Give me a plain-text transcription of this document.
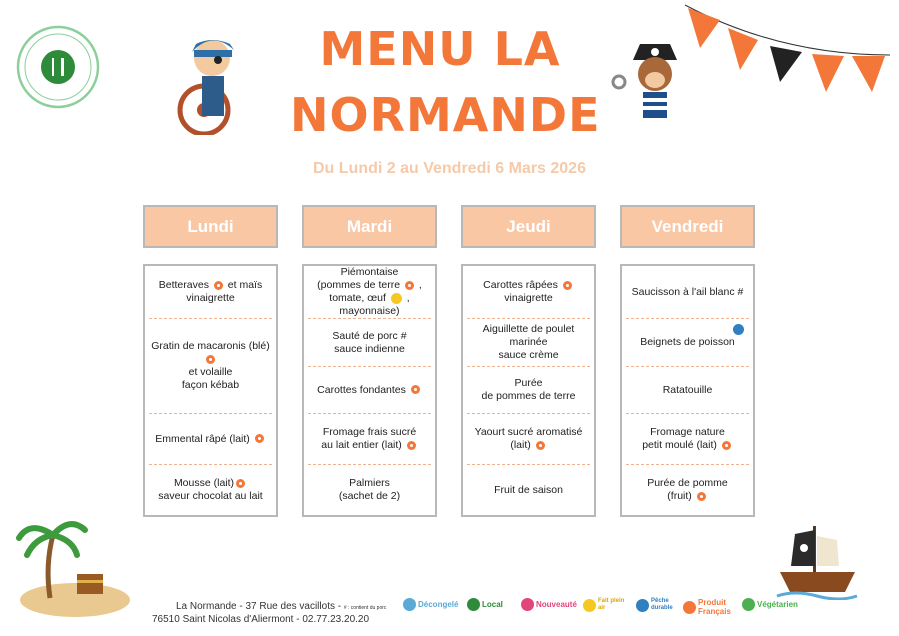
MENU LA
NORMANDE
Du Lundi 2 au Vendredi 6 Mars 2026
Lundi
Betteraves et maïs
vinaigrette
Gratin de macaronis (blé)
et volaille
façon kébab
Emmental râpé (lait)
Mousse (lait)
saveur chocolat au lait
Mardi
Piémontaise
(pommes de terre ,
tomate, œuf ,
mayonnaise)
Sauté de porc #
sauce indienne
Carottes fondantes
Fromage frais sucré
au lait entier (lait)
Palmiers
(sachet de 2)
Jeudi
Carottes râpées
vinaigrette
Aiguillette de poulet
marinée
sauce crème
Purée
de pommes de terre
Yaourt sucré aromatisé
(lait)
Fruit de saison
Vendredi
Saucisson à l'ail blanc #
Beignets de poisson
Ratatouille
Fromage nature
petit moulé (lait)
Purée de pomme
(fruit)
La Normande - 37 Rue des vacillots - # : contient du porc
76510 Saint Nicolas d'Aliermont - 02.77.23.20.20
Décongelé	Local	Nouveauté	Fait plein air
Pêche durable
Produit Français
Végétarien
